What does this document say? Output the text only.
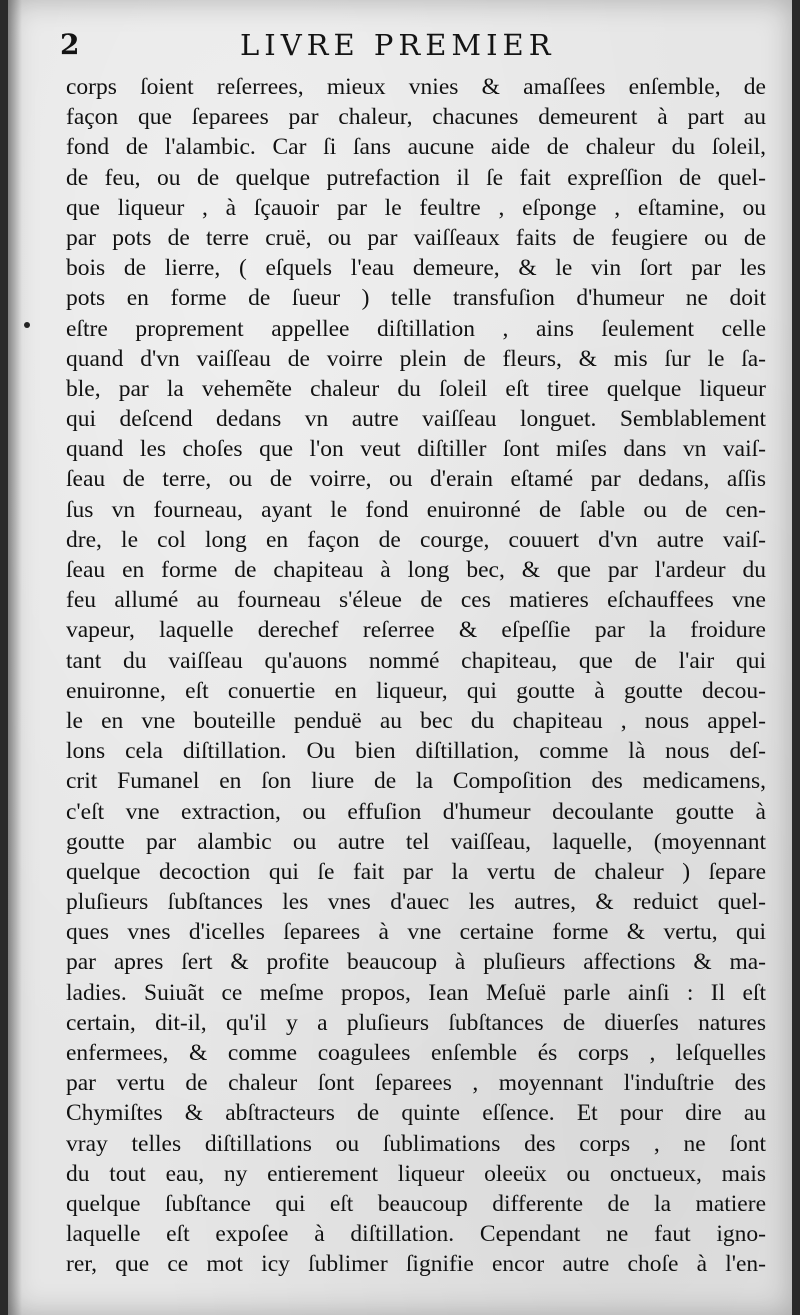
2	LIVRE PREMIER
corps ſoient reſerrees, mieux vnies & amaſſees enſemble, de
façon que ſeparees par chaleur, chacunes demeurent à part au
fond de l'alambic. Car ſi ſans aucune aide de chaleur du ſoleil,
de feu, ou de quelque putrefaction il ſe fait expreſſion de quel-
que liqueur , à ſçauoir par le feultre , eſponge , eſtamine, ou
par pots de terre cruë, ou par vaiſſeaux faits de feugiere ou de
bois de lierre, ( eſquels l'eau demeure, & le vin ſort par les
pots en forme de ſueur ) telle transfuſion d'humeur ne doit
eſtre proprement appellee diſtillation , ains ſeulement celle
quand d'vn vaiſſeau de voirre plein de fleurs, & mis ſur le ſa-
ble, par la vehemẽte chaleur du ſoleil eſt tiree quelque liqueur
qui deſcend dedans vn autre vaiſſeau longuet. Semblablement
quand les choſes que l'on veut diſtiller ſont miſes dans vn vaiſ-
ſeau de terre, ou de voirre, ou d'erain eſtamé par dedans, aſſis
ſus vn fourneau, ayant le fond enuironné de ſable ou de cen-
dre, le col long en façon de courge, couuert d'vn autre vaiſ-
ſeau en forme de chapiteau à long bec, & que par l'ardeur du
feu allumé au fourneau s'éleue de ces matieres eſchauffees vne
vapeur, laquelle derechef reſerree & eſpeſſie par la froidure
tant du vaiſſeau qu'auons nommé chapiteau, que de l'air qui
enuironne, eſt conuertie en liqueur, qui goutte à goutte decou-
le en vne bouteille penduë au bec du chapiteau , nous appel-
lons cela diſtillation. Ou bien diſtillation, comme là nous deſ-
crit Fumanel en ſon liure de la Compoſition des medicamens,
c'eſt vne extraction, ou effuſion d'humeur decoulante goutte à
goutte par alambic ou autre tel vaiſſeau, laquelle, (moyennant
quelque decoction qui ſe fait par la vertu de chaleur ) ſepare
pluſieurs ſubſtances les vnes d'auec les autres, & reduict quel-
ques vnes d'icelles ſeparees à vne certaine forme & vertu, qui
par apres ſert & profite beaucoup à pluſieurs affections & ma-
ladies. Suiuãt ce meſme propos, Iean Meſuë parle ainſi : Il eſt
certain, dit-il, qu'il y a pluſieurs ſubſtances de diuerſes natures
enfermees, & comme coagulees enſemble és corps , leſquelles
par vertu de chaleur ſont ſeparees , moyennant l'induſtrie des
Chymiſtes & abſtracteurs de quinte eſſence. Et pour dire au
vray telles diſtillations ou ſublimations des corps , ne ſont
du tout eau, ny entierement liqueur oleeüx ou onctueux, mais
quelque ſubſtance qui eſt beaucoup differente de la matiere
laquelle eſt expoſee à diſtillation. Cependant ne faut igno-
rer, que ce mot icy ſublimer ſignifie encor autre choſe à l'en-
